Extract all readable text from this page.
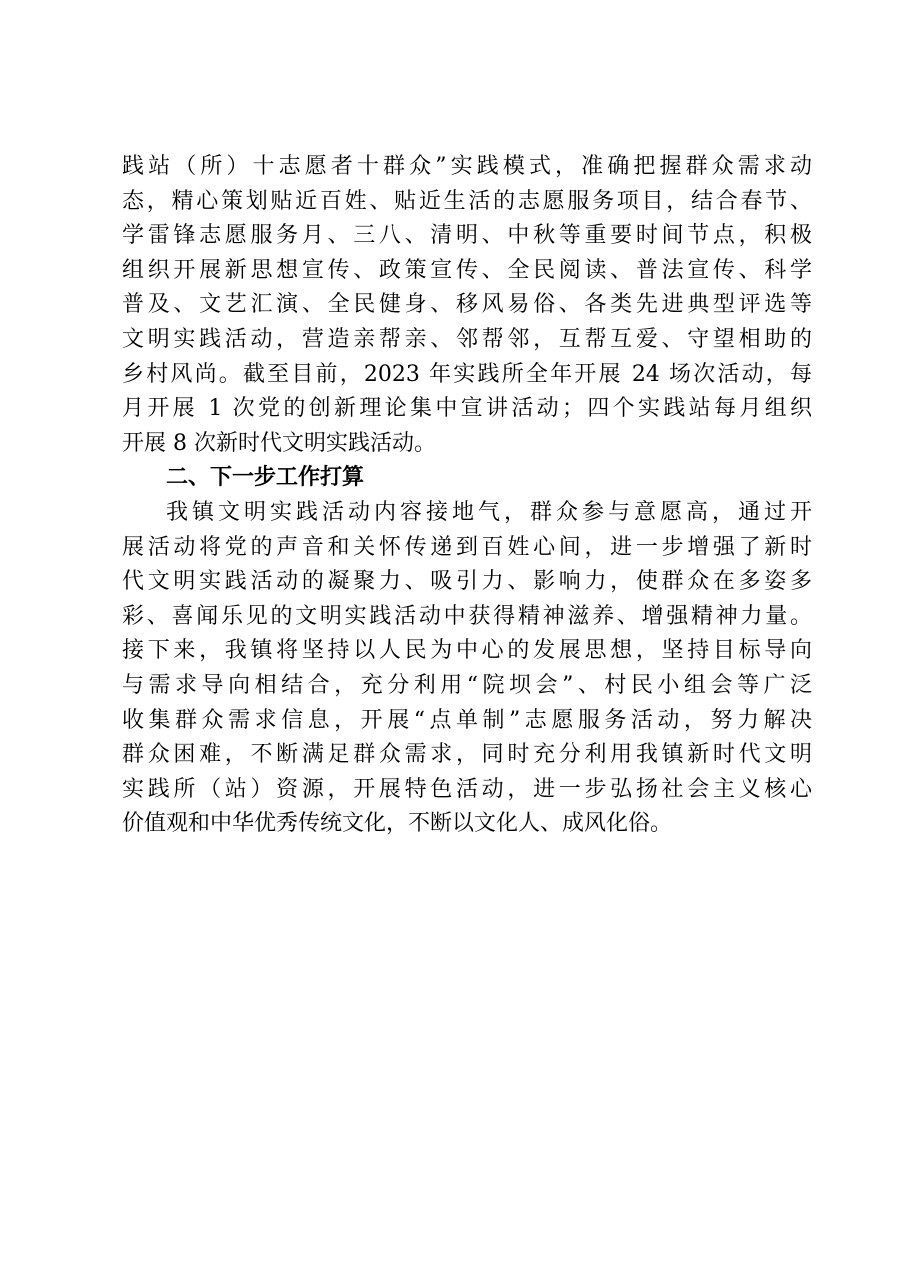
践站（所）十志愿者十群众”实践模式，准确把握群众需求动
态，精心策划贴近百姓、贴近生活的志愿服务项目，结合春节、
学雷锋志愿服务月、三八、清明、中秋等重要时间节点，积极
组织开展新思想宣传、政策宣传、全民阅读、普法宣传、科学
普及、文艺汇演、全民健身、移风易俗、各类先进典型评选等
文明实践活动，营造亲帮亲、邻帮邻，互帮互爱、守望相助的
乡村风尚。截至目前，2023 年实践所全年开展 24 场次活动，每
月开展 1 次党的创新理论集中宣讲活动；四个实践站每月组织
开展 8 次新时代文明实践活动。
二、下一步工作打算
我镇文明实践活动内容接地气，群众参与意愿高，通过开
展活动将党的声音和关怀传递到百姓心间，进一步增强了新时
代文明实践活动的凝聚力、吸引力、影响力，使群众在多姿多
彩、喜闻乐见的文明实践活动中获得精神滋养、增强精神力量。
接下来，我镇将坚持以人民为中心的发展思想，坚持目标导向
与需求导向相结合，充分利用“院坝会”、村民小组会等广泛
收集群众需求信息，开展“点单制”志愿服务活动，努力解决
群众困难，不断满足群众需求，同时充分利用我镇新时代文明
实践所（站）资源，开展特色活动，进一步弘扬社会主义核心
价值观和中华优秀传统文化，不断以文化人、成风化俗。
